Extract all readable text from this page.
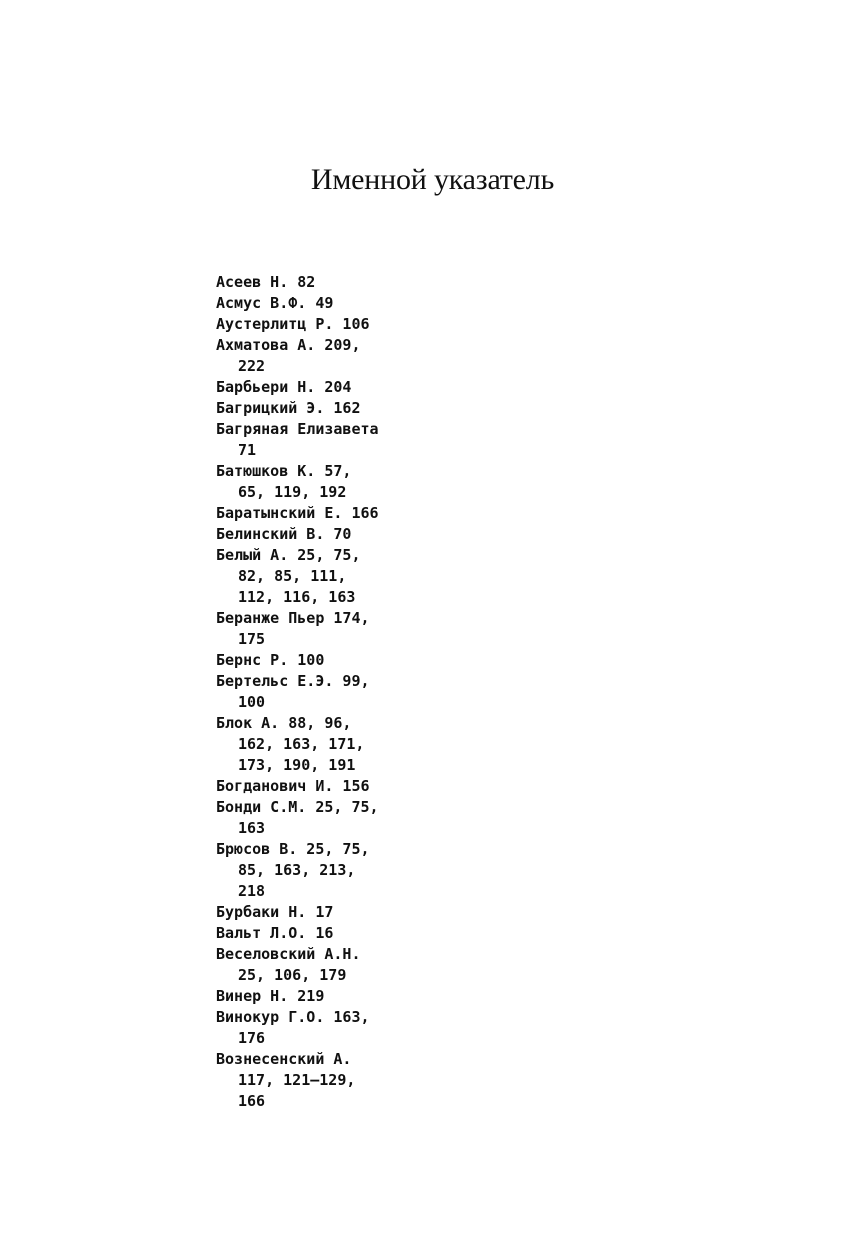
Именной указатель
Асеев Н. 82
Асмус В.Ф. 49
Аустерлитц Р. 106
Ахматова А. 209,
222
Барбьери Н. 204
Багрицкий Э. 162
Багряная Елизавета
71
Батюшков К. 57,
65, 119, 192
Баратынский Е. 166
Белинский В. 70
Белый А. 25, 75,
82, 85, 111,
112, 116, 163
Беранже Пьер 174,
175
Бернс Р. 100
Бертельс Е.Э. 99,
100
Блок А. 88, 96,
162, 163, 171,
173, 190, 191
Богданович И. 156
Бонди С.М. 25, 75,
163
Брюсов В. 25, 75,
85, 163, 213,
218
Бурбаки Н. 17
Вальт Л.О. 16
Веселовский А.Н.
25, 106, 179
Винер Н. 219
Винокур Г.О. 163,
176
Вознесенский А.
117, 121–129,
166
